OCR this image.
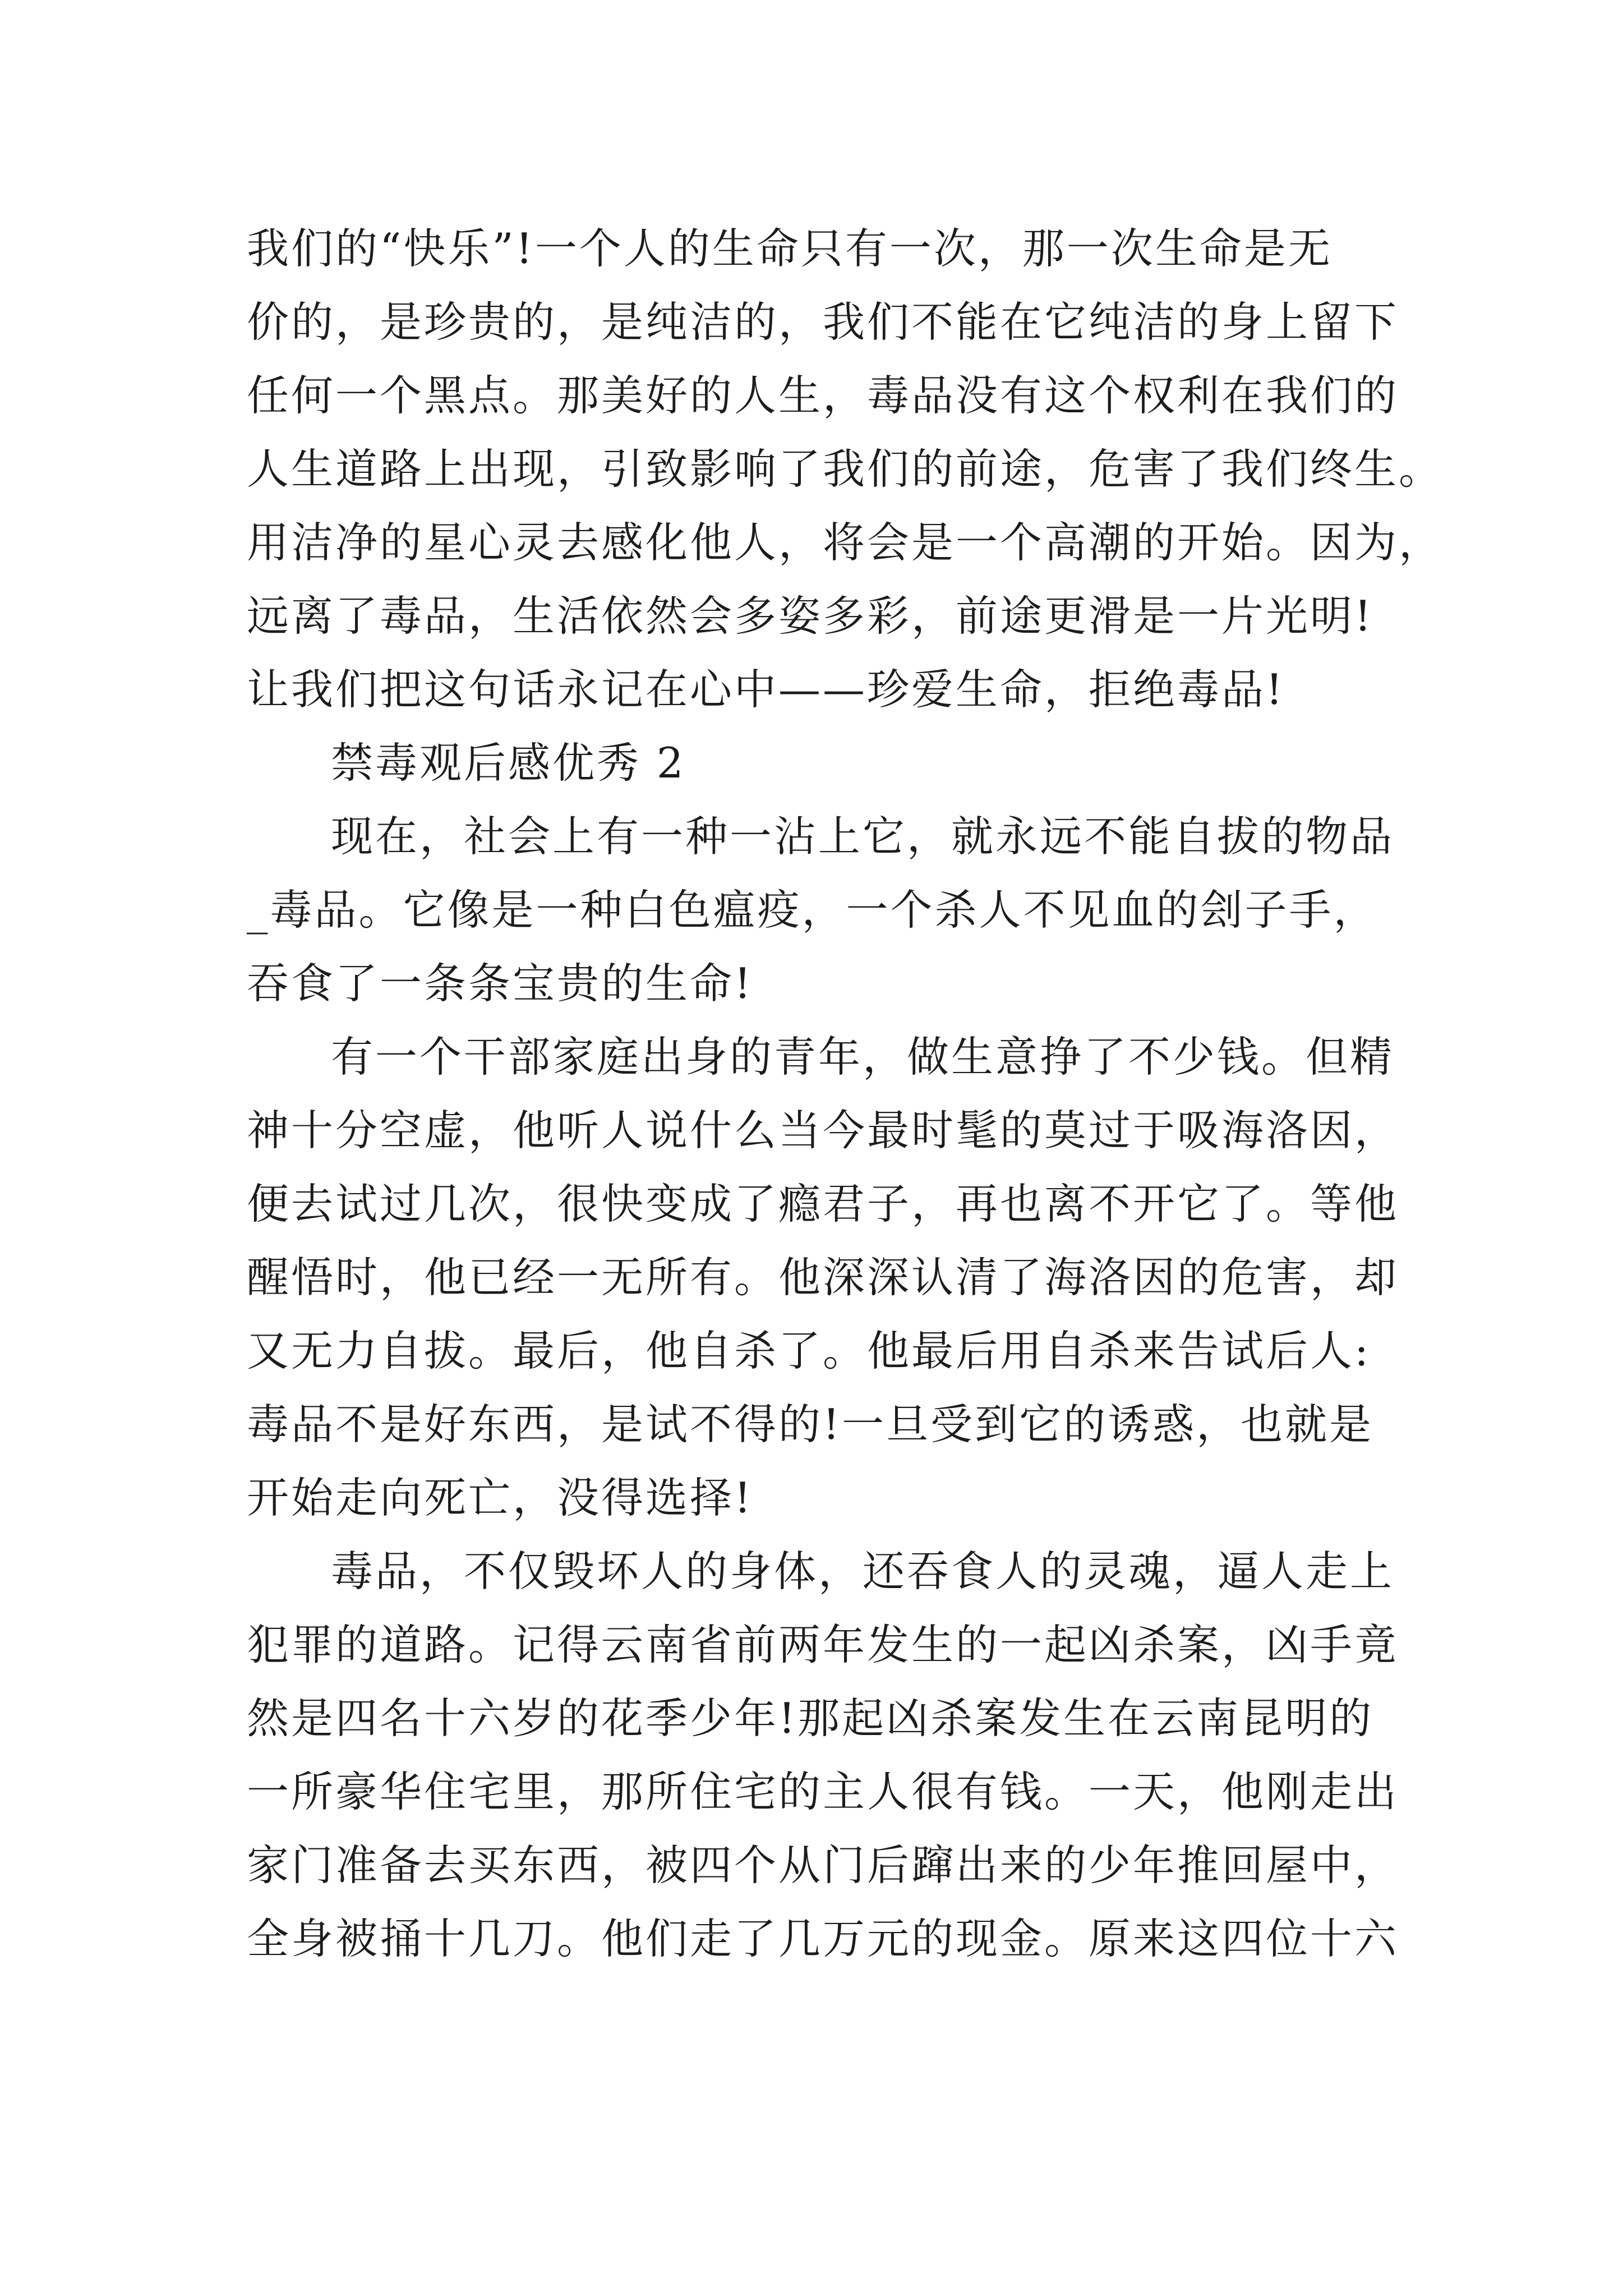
我们的“快乐”!一个人的生命只有一次，那一次生命是无
价的，是珍贵的，是纯洁的，我们不能在它纯洁的身上留下
任何一个黑点。那美好的人生，毒品没有这个权利在我们的
人生道路上出现，引致影响了我们的前途，危害了我们终生。
用洁净的星心灵去感化他人，将会是一个高潮的开始。因为，
远离了毒品，生活依然会多姿多彩，前途更滑是一片光明!
让我们把这句话永记在心中——珍爱生命，拒绝毒品!
禁毒观后感优秀 2
现在，社会上有一种一沾上它，就永远不能自拔的物品
_毒品。它像是一种白色瘟疫，一个杀人不见血的刽子手，
吞食了一条条宝贵的生命!
有一个干部家庭出身的青年，做生意挣了不少钱。但精
神十分空虚，他听人说什么当今最时髦的莫过于吸海洛因，
便去试过几次，很快变成了瘾君子，再也离不开它了。等他
醒悟时，他已经一无所有。他深深认清了海洛因的危害，却
又无力自拔。最后，他自杀了。他最后用自杀来告试后人:
毒品不是好东西，是试不得的!一旦受到它的诱惑，也就是
开始走向死亡，没得选择!
毒品，不仅毁坏人的身体，还吞食人的灵魂，逼人走上
犯罪的道路。记得云南省前两年发生的一起凶杀案，凶手竟
然是四名十六岁的花季少年!那起凶杀案发生在云南昆明的
一所豪华住宅里，那所住宅的主人很有钱。一天，他刚走出
家门准备去买东西，被四个从门后蹿出来的少年推回屋中，
全身被捅十几刀。他们走了几万元的现金。原来这四位十六
